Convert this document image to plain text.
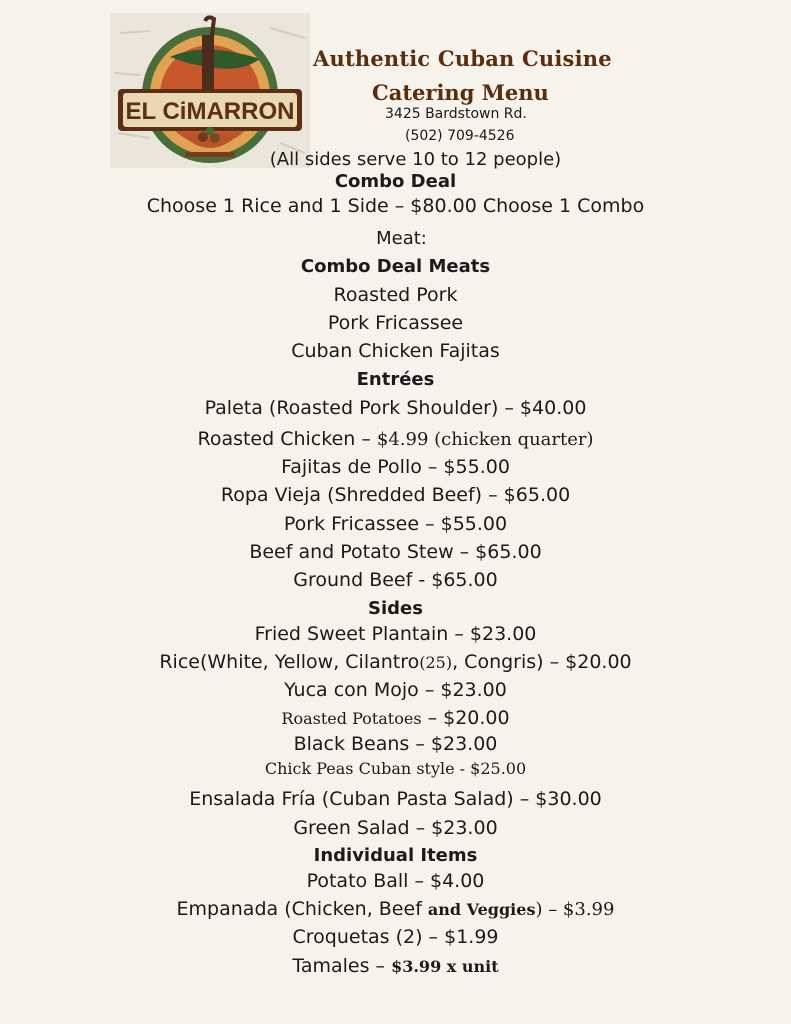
EL CiMARRON
Authentic Cuban Cuisine
Catering Menu
3425 Bardstown Rd.
(502) 709-4526
(All sides serve 10 to 12 people)
Combo Deal
Choose 1 Rice and 1 Side – $80.00 Choose 1 Combo
Meat:
Combo Deal Meats
Roasted Pork
Pork Fricassee
Cuban Chicken Fajitas
Entrées
Paleta (Roasted Pork Shoulder) – $40.00
Roasted Chicken – $4.99 (chicken quarter)
Fajitas de Pollo – $55.00
Ropa Vieja (Shredded Beef) – $65.00
Pork Fricassee – $55.00
Beef and Potato Stew – $65.00
Ground Beef - $65.00
Sides
Fried Sweet Plantain – $23.00
Rice(White, Yellow, Cilantro(25), Congris) – $20.00
Yuca con Mojo – $23.00
Roasted Potatoes – $20.00
Black Beans – $23.00
Chick Peas Cuban style - $25.00
Ensalada Fría (Cuban Pasta Salad) – $30.00
Green Salad – $23.00
Individual Items
Potato Ball – $4.00
Empanada (Chicken, Beef and Veggies) – $3.99
Croquetas (2) – $1.99
Tamales – $3.99 x unit
